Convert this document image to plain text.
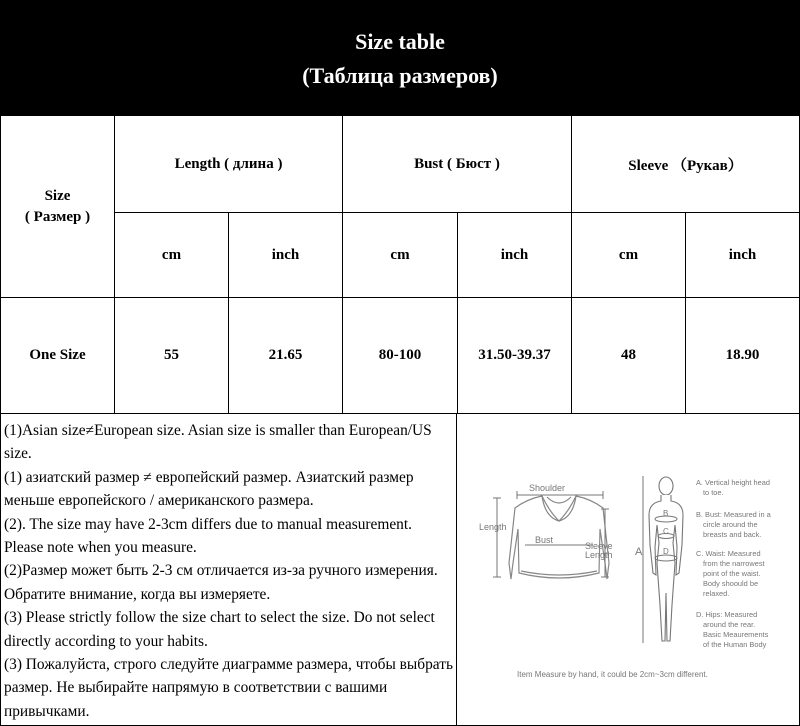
Size table
(Таблица размеров)
Size
( Размер )
Length ( длина )	Bust ( Бюст )	Sleeve （Рукав）
cm	inch	cm	inch	cm	inch
One Size	55	21.65	80-100	31.50-39.37	48	18.90

(1)Asian size≠European size. Asian size is smaller than European/US size.

(1) азиатский размер ≠ европейский размер. Азиатский размер меньше европейского / американского размера.

(2). The size may have 2-3cm differs due to manual measurement. Please note when you measure.

(2)Размер может быть 2-3 см отличается из-за ручного измерения. Обратите внимание, когда вы измеряете.

(3) Please strictly follow the size chart to select the size. Do not select directly according to your habits.

(3) Пожалуйста, строго следуйте диаграмме размера, чтобы выбрать размер. Не выбирайте напрямую в соответствии с вашими привычками.

Shoulder
Length
Bust
Sleeve
Length A
B
C
D
A. Vertical height head
to toe.
B. Bust: Measured in a
circle around the
breasts and back.
C. Waist: Measured
from the narrowest
point of the waist.
Body shoould be
relaxed.
D. Hips: Measured
around the rear.
Basic Meaurements
of the Human Body
Item Measure by hand, it could be 2cm~3cm different.
